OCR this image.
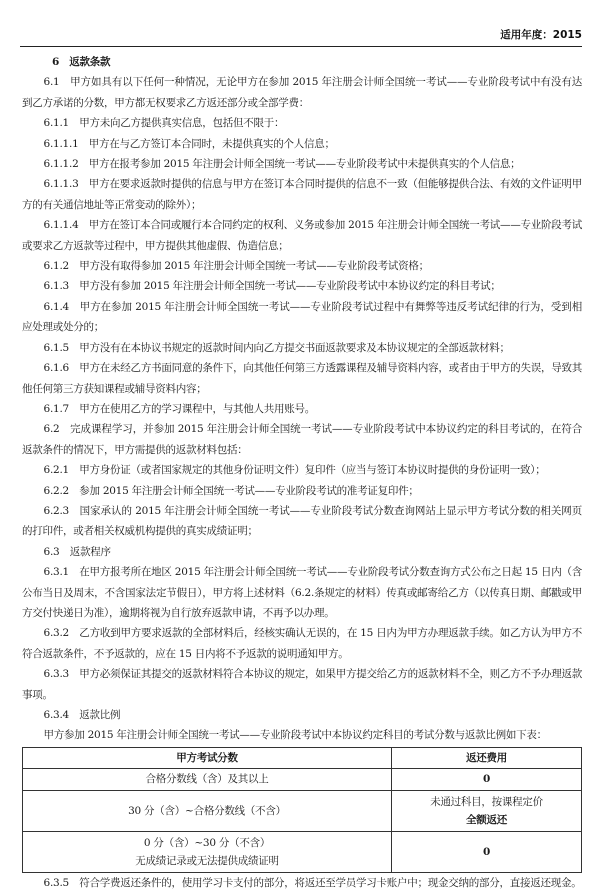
适用年度：2015

6　返款条款

6.1　甲方如具有以下任何一种情况，无论甲方在参加 2015 年注册会计师全国统一考试——专业阶段考试中有没有达到乙方承诺的分数，甲方都无权要求乙方返还部分或全部学费：

6.1.1　甲方未向乙方提供真实信息，包括但不限于：

6.1.1.1　甲方在与乙方签订本合同时，未提供真实的个人信息；

6.1.1.2　甲方在报考参加 2015 年注册会计师全国统一考试——专业阶段考试中未提供真实的个人信息；

6.1.1.3　甲方在要求返款时提供的信息与甲方在签订本合同时提供的信息不一致（但能够提供合法、有效的文件证明甲方的有关通信地址等正常变动的除外）；

6.1.1.4　甲方在签订本合同或履行本合同约定的权利、义务或参加 2015 年注册会计师全国统一考试——专业阶段考试或要求乙方返款等过程中，甲方提供其他虚假、伪造信息；

6.1.2　甲方没有取得参加 2015 年注册会计师全国统一考试——专业阶段考试资格；

6.1.3　甲方没有参加 2015 年注册会计师全国统一考试——专业阶段考试中本协议约定的科目考试；

6.1.4　甲方在参加 2015 年注册会计师全国统一考试——专业阶段考试过程中有舞弊等违反考试纪律的行为，受到相应处理或处分的；

6.1.5　甲方没有在本协议书规定的返款时间内向乙方提交书面返款要求及本协议规定的全部返款材料；

6.1.6　甲方在未经乙方书面同意的条件下，向其他任何第三方透露课程及辅导资料内容，或者由于甲方的失误，导致其他任何第三方获知课程或辅导资料内容；

6.1.7　甲方在使用乙方的学习课程中，与其他人共用账号。

6.2　完成课程学习，并参加 2015 年注册会计师全国统一考试——专业阶段考试中本协议约定的科目考试的，在符合返款条件的情况下，甲方需提供的返款材料包括：

6.2.1　甲方身份证（或者国家规定的其他身份证明文件）复印件（应当与签订本协议时提供的身份证明一致）；

6.2.2　参加 2015 年注册会计师全国统一考试——专业阶段考试的准考证复印件；

6.2.3　国家承认的 2015 年注册会计师全国统一考试——专业阶段考试分数查询网站上显示甲方考试分数的相关网页的打印件，或者相关权威机构提供的真实成绩证明；

6.3　返款程序

6.3.1　在甲方报考所在地区 2015 年注册会计师全国统一考试——专业阶段考试分数查询方式公布之日起 15 日内（含公布当日及周末，不含国家法定节假日），甲方将上述材料（6.2.条规定的材料）传真或邮寄给乙方（以传真日期、邮戳或甲方交付快递日为准），逾期将视为自行放弃返款申请，不再予以办理。

6.3.2　乙方收到甲方要求返款的全部材料后，经核实确认无误的，在 15 日内为甲方办理返款手续。如乙方认为甲方不符合返款条件，不予返款的，应在 15 日内将不予返款的说明通知甲方。

6.3.3　甲方必须保证其提交的返款材料符合本协议的规定，如果甲方提交给乙方的返款材料不全，则乙方不予办理返款事项。

6.3.4　返款比例

甲方参加 2015 年注册会计师全国统一考试——专业阶段考试中本协议约定科目的考试分数与返款比例如下表：

甲方考试分数	返还费用
合格分数线（含）及其以上	0
30 分（含）~合格分数线（不含）	未通过科目，按课程定价
全额返还

0 分（含）~30 分（不含）
无成绩记录或无法提供成绩证明	0

6.3.5　符合学费返还条件的，使用学习卡支付的部分，将返还至学员学习卡账户中；现金交纳的部分，直接返还现金。
